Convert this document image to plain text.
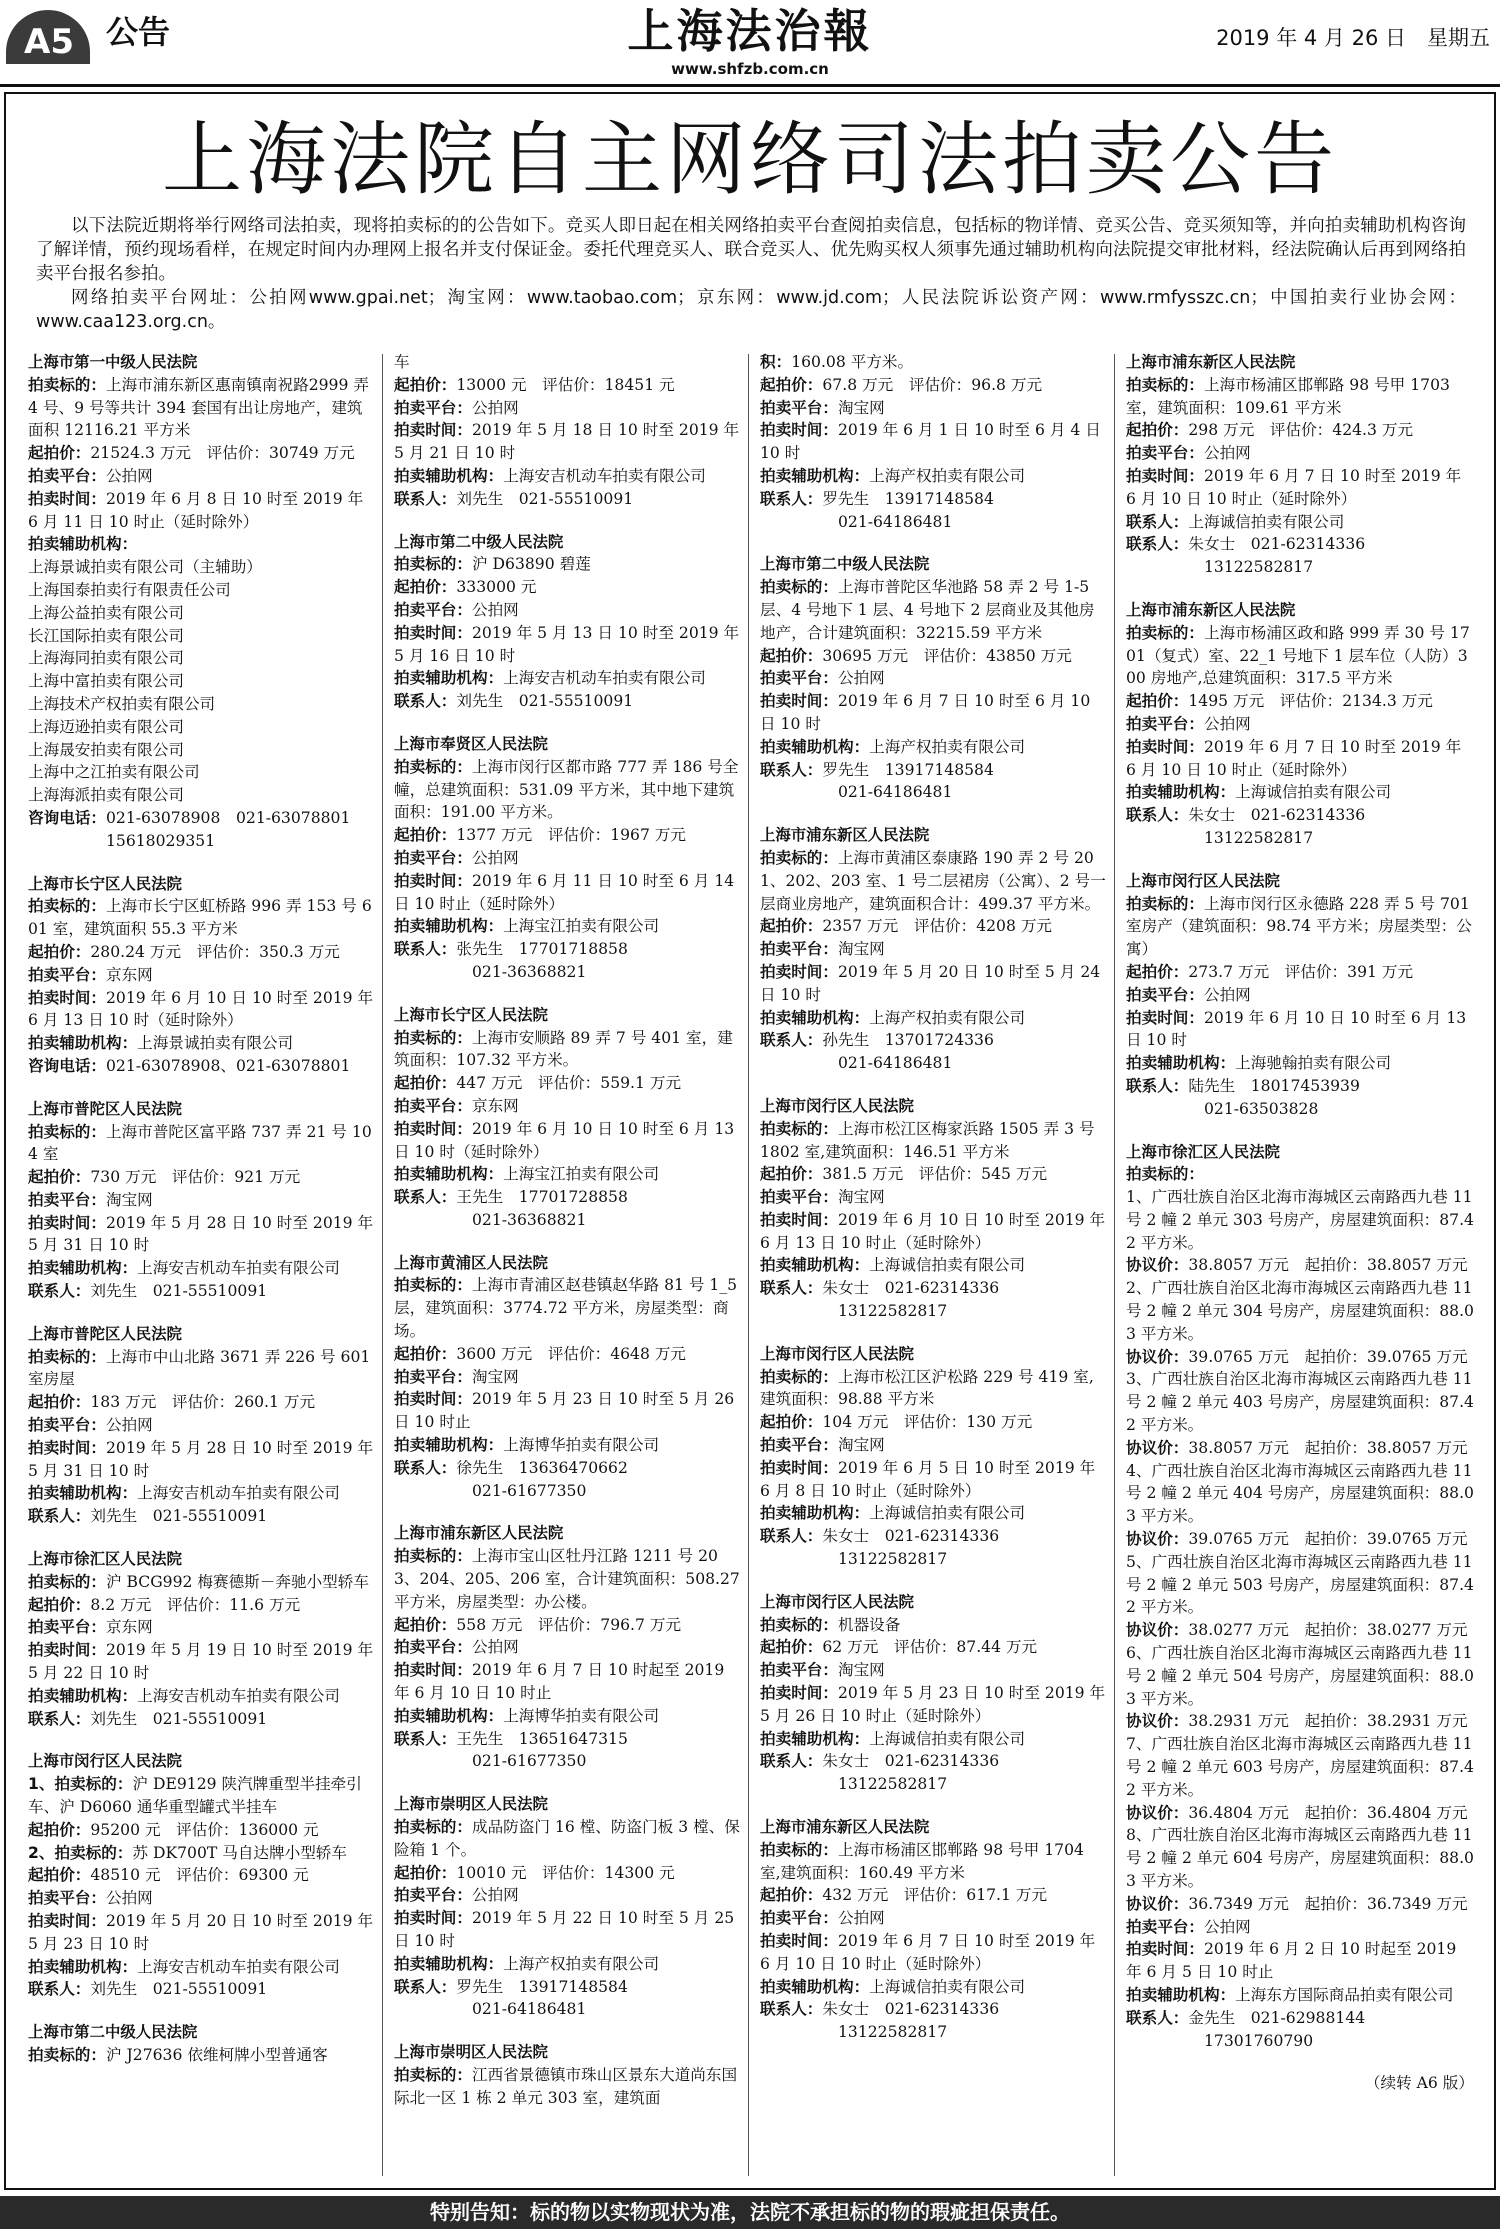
A5 公告	上海法治報
www.shfzb.com.cn
2019 年 4 月 26 日　星期五
上海法院自主网络司法拍卖公告

以下法院近期将举行网络司法拍卖，现将拍卖标的的公告如下。竞买人即日起在相关网络拍卖平台查阅拍卖信息，包括标的物详情、竞买公告、竞买须知等，并向拍卖辅助机构咨询了解详情，预约现场看样，在规定时间内办理网上报名并支付保证金。委托代理竞买人、联合竞买人、优先购买权人须事先通过辅助机构向法院提交审批材料，经法院确认后再到网络拍卖平台报名参拍。

网络拍卖平台网址：公拍网www.gpai.net；淘宝网：www.taobao.com；京东网：www.jd.com；人民法院诉讼资产网：www.rmfysszc.cn；中国拍卖行业协会网：www.caa123.org.cn。

上海市第一中级人民法院
拍卖标的：上海市浦东新区惠南镇南祝路2999 弄 4 号、9 号等共计 394 套国有出让房地产，建筑面积 12116.21 平方米
起拍价：21524.3 万元　评估价：30749 万元
拍卖平台：公拍网
拍卖时间：2019 年 6 月 8 日 10 时至 2019 年 6 月 11 日 10 时止（延时除外）
拍卖辅助机构：
上海景诚拍卖有限公司（主辅助）
上海国泰拍卖行有限责任公司
上海公益拍卖有限公司
长江国际拍卖有限公司
上海海同拍卖有限公司
上海中富拍卖有限公司
上海技术产权拍卖有限公司
上海迈逊拍卖有限公司
上海晟安拍卖有限公司
上海中之江拍卖有限公司
上海海派拍卖有限公司
咨询电话：021-63078908　021-63078801
15618029351
上海市长宁区人民法院
拍卖标的：上海市长宁区虹桥路 996 弄 153 号 601 室，建筑面积 55.3 平方米
起拍价：280.24 万元　评估价：350.3 万元
拍卖平台：京东网
拍卖时间：2019 年 6 月 10 日 10 时至 2019 年 6 月 13 日 10 时（延时除外）
拍卖辅助机构：上海景诚拍卖有限公司
咨询电话：021-63078908、021-63078801
上海市普陀区人民法院
拍卖标的：上海市普陀区富平路 737 弄 21 号 104 室
起拍价：730 万元　评估价：921 万元
拍卖平台：淘宝网
拍卖时间：2019 年 5 月 28 日 10 时至 2019 年 5 月 31 日 10 时
拍卖辅助机构：上海安吉机动车拍卖有限公司
联系人：刘先生　021-55510091
上海市普陀区人民法院
拍卖标的：上海市中山北路 3671 弄 226 号 601 室房屋
起拍价：183 万元　评估价：260.1 万元
拍卖平台：公拍网
拍卖时间：2019 年 5 月 28 日 10 时至 2019 年 5 月 31 日 10 时
拍卖辅助机构：上海安吉机动车拍卖有限公司
联系人：刘先生　021-55510091
上海市徐汇区人民法院
拍卖标的：沪 BCG992 梅赛德斯－奔驰小型轿车
起拍价：8.2 万元　评估价：11.6 万元
拍卖平台：京东网
拍卖时间：2019 年 5 月 19 日 10 时至 2019 年 5 月 22 日 10 时
拍卖辅助机构：上海安吉机动车拍卖有限公司
联系人：刘先生　021-55510091
上海市闵行区人民法院
1、拍卖标的：沪 DE9129 陕汽牌重型半挂牵引车、沪 D6060 通华重型罐式半挂车
起拍价：95200 元　评估价：136000 元
2、拍卖标的：苏 DK700T 马自达牌小型轿车
起拍价：48510 元　评估价：69300 元
拍卖平台：公拍网
拍卖时间：2019 年 5 月 20 日 10 时至 2019 年 5 月 23 日 10 时
拍卖辅助机构：上海安吉机动车拍卖有限公司
联系人：刘先生　021-55510091
上海市第二中级人民法院
拍卖标的：沪 J27636 依维柯牌小型普通客
车
起拍价：13000 元　评估价：18451 元
拍卖平台：公拍网
拍卖时间：2019 年 5 月 18 日 10 时至 2019 年 5 月 21 日 10 时
拍卖辅助机构：上海安吉机动车拍卖有限公司
联系人：刘先生　021-55510091
上海市第二中级人民法院
拍卖标的：沪 D63890 碧莲
起拍价：333000 元
拍卖平台：公拍网
拍卖时间：2019 年 5 月 13 日 10 时至 2019 年 5 月 16 日 10 时
拍卖辅助机构：上海安吉机动车拍卖有限公司
联系人：刘先生　021-55510091
上海市奉贤区人民法院
拍卖标的：上海市闵行区都市路 777 弄 186 号全幢，总建筑面积：531.09 平方米，其中地下建筑面积：191.00 平方米。
起拍价：1377 万元　评估价：1967 万元
拍卖平台：公拍网
拍卖时间：2019 年 6 月 11 日 10 时至 6 月 14 日 10 时止（延时除外）
拍卖辅助机构：上海宝江拍卖有限公司
联系人：张先生　17701718858
021-36368821
上海市长宁区人民法院
拍卖标的：上海市安顺路 89 弄 7 号 401 室，建筑面积：107.32 平方米。
起拍价：447 万元　评估价：559.1 万元
拍卖平台：京东网
拍卖时间：2019 年 6 月 10 日 10 时至 6 月 13 日 10 时（延时除外）
拍卖辅助机构：上海宝江拍卖有限公司
联系人：王先生　17701728858
021-36368821
上海市黄浦区人民法院
拍卖标的：上海市青浦区赵巷镇赵华路 81 号 1_5 层，建筑面积：3774.72 平方米，房屋类型：商场。
起拍价：3600 万元　评估价：4648 万元
拍卖平台：淘宝网
拍卖时间：2019 年 5 月 23 日 10 时至 5 月 26 日 10 时止
拍卖辅助机构：上海博华拍卖有限公司
联系人：徐先生　13636470662
021-61677350
上海市浦东新区人民法院
拍卖标的：上海市宝山区牡丹江路 1211 号 203、204、205、206 室，合计建筑面积：508.27 平方米，房屋类型：办公楼。
起拍价：558 万元　评估价：796.7 万元
拍卖平台：公拍网
拍卖时间：2019 年 6 月 7 日 10 时起至 2019 年 6 月 10 日 10 时止
拍卖辅助机构：上海博华拍卖有限公司
联系人：王先生　13651647315
021-61677350
上海市崇明区人民法院
拍卖标的：成品防盗门 16 樘、防盗门板 3 樘、保险箱 1 个。
起拍价：10010 元　评估价：14300 元
拍卖平台：公拍网
拍卖时间：2019 年 5 月 22 日 10 时至 5 月 25 日 10 时
拍卖辅助机构：上海产权拍卖有限公司
联系人：罗先生　13917148584
021-64186481
上海市崇明区人民法院
拍卖标的：江西省景德镇市珠山区景东大道尚东国际北一区 1 栋 2 单元 303 室，建筑面
积：160.08 平方米。
起拍价：67.8 万元　评估价：96.8 万元
拍卖平台：淘宝网
拍卖时间：2019 年 6 月 1 日 10 时至 6 月 4 日 10 时
拍卖辅助机构：上海产权拍卖有限公司
联系人：罗先生　13917148584
021-64186481
上海市第二中级人民法院
拍卖标的：上海市普陀区华池路 58 弄 2 号 1-5 层、4 号地下 1 层、4 号地下 2 层商业及其他房地产，合计建筑面积：32215.59 平方米
起拍价：30695 万元　评估价：43850 万元
拍卖平台：公拍网
拍卖时间：2019 年 6 月 7 日 10 时至 6 月 10 日 10 时
拍卖辅助机构：上海产权拍卖有限公司
联系人：罗先生　13917148584
021-64186481
上海市浦东新区人民法院
拍卖标的：上海市黄浦区泰康路 190 弄 2 号 201、202、203 室、1 号二层裙房（公寓）、2 号一层商业房地产，建筑面积合计：499.37 平方米。
起拍价：2357 万元　评估价：4208 万元
拍卖平台：淘宝网
拍卖时间：2019 年 5 月 20 日 10 时至 5 月 24 日 10 时
拍卖辅助机构：上海产权拍卖有限公司
联系人：孙先生　13701724336
021-64186481
上海市闵行区人民法院
拍卖标的：上海市松江区梅家浜路 1505 弄 3 号 1802 室,建筑面积：146.51 平方米
起拍价：381.5 万元　评估价：545 万元
拍卖平台：淘宝网
拍卖时间：2019 年 6 月 10 日 10 时至 2019 年 6 月 13 日 10 时止（延时除外）
拍卖辅助机构：上海诚信拍卖有限公司
联系人：朱女士　021-62314336
13122582817
上海市闵行区人民法院
拍卖标的：上海市松江区沪松路 229 号 419 室,建筑面积：98.88 平方米
起拍价：104 万元　评估价：130 万元
拍卖平台：淘宝网
拍卖时间：2019 年 6 月 5 日 10 时至 2019 年 6 月 8 日 10 时止（延时除外）
拍卖辅助机构：上海诚信拍卖有限公司
联系人：朱女士　021-62314336
13122582817
上海市闵行区人民法院
拍卖标的：机器设备
起拍价：62 万元　评估价：87.44 万元
拍卖平台：淘宝网
拍卖时间：2019 年 5 月 23 日 10 时至 2019 年 5 月 26 日 10 时止（延时除外）
拍卖辅助机构：上海诚信拍卖有限公司
联系人：朱女士　021-62314336
13122582817
上海市浦东新区人民法院
拍卖标的：上海市杨浦区邯郸路 98 号甲 1704 室,建筑面积：160.49 平方米
起拍价：432 万元　评估价：617.1 万元
拍卖平台：公拍网
拍卖时间：2019 年 6 月 7 日 10 时至 2019 年 6 月 10 日 10 时止（延时除外）
拍卖辅助机构：上海诚信拍卖有限公司
联系人：朱女士　021-62314336
13122582817
上海市浦东新区人民法院
拍卖标的：上海市杨浦区邯郸路 98 号甲 1703 室，建筑面积：109.61 平方米
起拍价：298 万元　评估价：424.3 万元
拍卖平台：公拍网
拍卖时间：2019 年 6 月 7 日 10 时至 2019 年 6 月 10 日 10 时止（延时除外）
联系人：上海诚信拍卖有限公司
联系人：朱女士　021-62314336
13122582817
上海市浦东新区人民法院
拍卖标的：上海市杨浦区政和路 999 弄 30 号 1701（复式）室、22_1 号地下 1 层车位（人防）300 房地产,总建筑面积：317.5 平方米
起拍价：1495 万元　评估价：2134.3 万元
拍卖平台：公拍网
拍卖时间：2019 年 6 月 7 日 10 时至 2019 年 6 月 10 日 10 时止（延时除外）
拍卖辅助机构：上海诚信拍卖有限公司
联系人：朱女士　021-62314336
13122582817
上海市闵行区人民法院
拍卖标的：上海市闵行区永德路 228 弄 5 号 701 室房产（建筑面积：98.74 平方米；房屋类型：公寓）
起拍价：273.7 万元　评估价：391 万元
拍卖平台：公拍网
拍卖时间：2019 年 6 月 10 日 10 时至 6 月 13 日 10 时
拍卖辅助机构：上海驰翰拍卖有限公司
联系人：陆先生　18017453939
021-63503828
上海市徐汇区人民法院
拍卖标的：
1、广西壮族自治区北海市海城区云南路西九巷 11 号 2 幢 2 单元 303 号房产，房屋建筑面积：87.42 平方米。
协议价：38.8057 万元　起拍价：38.8057 万元
2、广西壮族自治区北海市海城区云南路西九巷 11 号 2 幢 2 单元 304 号房产，房屋建筑面积：88.03 平方米。
协议价：39.0765 万元　起拍价：39.0765 万元
3、广西壮族自治区北海市海城区云南路西九巷 11 号 2 幢 2 单元 403 号房产，房屋建筑面积：87.42 平方米。
协议价：38.8057 万元　起拍价：38.8057 万元
4、广西壮族自治区北海市海城区云南路西九巷 11 号 2 幢 2 单元 404 号房产，房屋建筑面积：88.03 平方米。
协议价：39.0765 万元　起拍价：39.0765 万元
5、广西壮族自治区北海市海城区云南路西九巷 11 号 2 幢 2 单元 503 号房产，房屋建筑面积：87.42 平方米。
协议价：38.0277 万元　起拍价：38.0277 万元
6、广西壮族自治区北海市海城区云南路西九巷 11 号 2 幢 2 单元 504 号房产，房屋建筑面积：88.03 平方米。
协议价：38.2931 万元　起拍价：38.2931 万元
7、广西壮族自治区北海市海城区云南路西九巷 11 号 2 幢 2 单元 603 号房产，房屋建筑面积：87.42 平方米。
协议价：36.4804 万元　起拍价：36.4804 万元
8、广西壮族自治区北海市海城区云南路西九巷 11 号 2 幢 2 单元 604 号房产，房屋建筑面积：88.03 平方米。
协议价：36.7349 万元　起拍价：36.7349 万元
拍卖平台：公拍网
拍卖时间：2019 年 6 月 2 日 10 时起至 2019 年 6 月 5 日 10 时止
拍卖辅助机构：上海东方国际商品拍卖有限公司
联系人：金先生　021-62988144
17301760790
（续转 A6 版）
特别告知：标的物以实物现状为准，法院不承担标的物的瑕疵担保责任。
